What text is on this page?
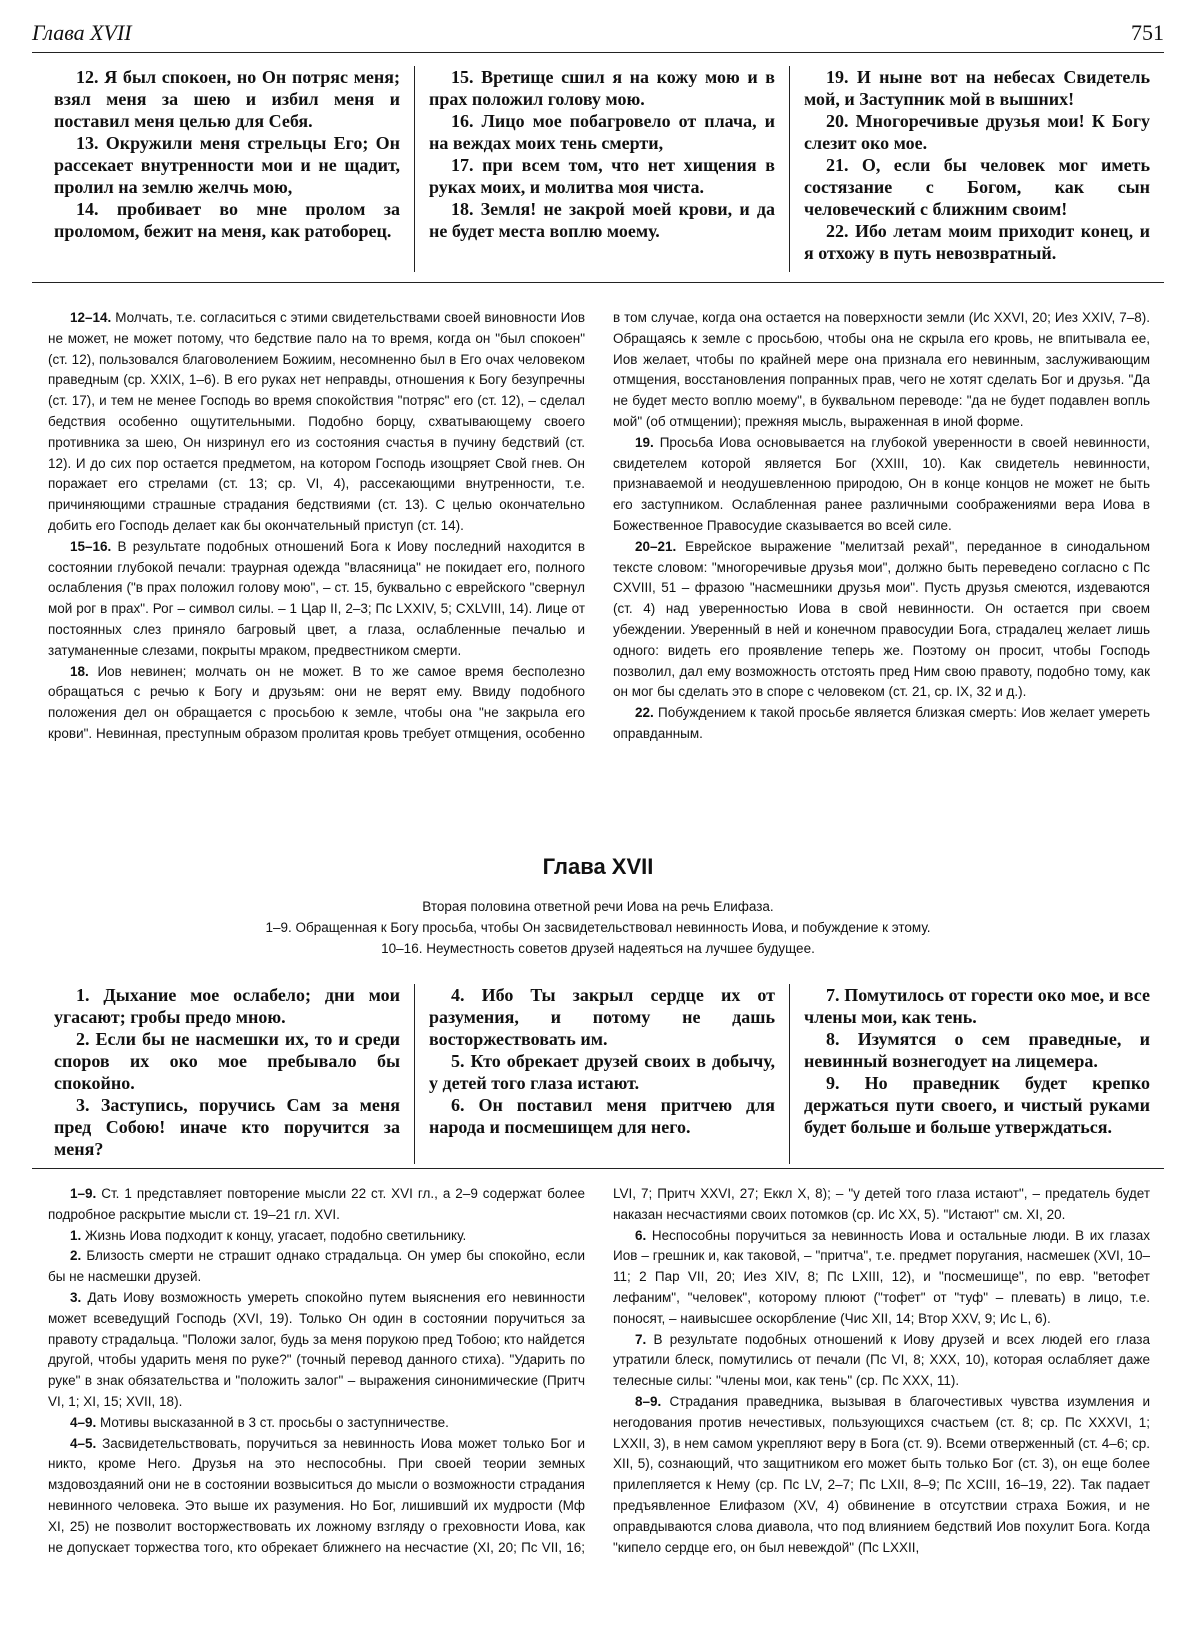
Глава XVII	751

12. Я был спокоен, но Он потряс меня; взял меня за шею и избил меня и поставил меня целью для Себя.

13. Окружили меня стрельцы Его; Он рассекает внутренности мои и не щадит, пролил на землю желчь мою,

14. пробивает во мне пролом за проломом, бежит на меня, как ратоборец.

15. Вретище сшил я на кожу мою и в прах положил голову мою.

16. Лицо мое побагровело от плача, и на веждах моих тень смерти,

17. при всем том, что нет хищения в руках моих, и молитва моя чиста.

18. Земля! не закрой моей крови, и да не будет места воплю моему.

19. И ныне вот на небесах Свидетель мой, и Заступник мой в вышних!

20. Многоречивые друзья мои! К Богу слезит око мое.

21. О, если бы человек мог иметь состязание с Богом, как сын человеческий с ближним своим!

22. Ибо летам моим приходит конец, и я отхожу в путь невозвратный.

12–14. Молчать, т.е. согласиться с этими свидетельствами своей виновности Иов не может, не может потому, что бедствие пало на то время, когда он "был спокоен" (ст. 12), пользовался благоволением Божиим, несомненно был в Его очах человеком праведным (ср. XXIX, 1–6). В его руках нет неправды, отношения к Богу безупречны (ст. 17), и тем не менее Господь во время спокойствия "потряс" его (ст. 12), – сделал бедствия особенно ощутительными. Подобно борцу, схватывающему своего противника за шею, Он низринул его из состояния счастья в пучину бедствий (ст. 12). И до сих пор остается предметом, на котором Господь изощряет Свой гнев. Он поражает его стрелами (ст. 13; ср. VI, 4), рассекающими внутренности, т.е. причиняющими страшные страдания бедствиями (ст. 13). С целью окончательно добить его Господь делает как бы окончательный приступ (ст. 14).

15–16. В результате подобных отношений Бога к Иову последний находится в состоянии глубокой печали: траурная одежда "власяница" не покидает его, полного ослабления ("в прах положил голову мою", – ст. 15, буквально с еврейского "свернул мой рог в прах". Рог – символ силы. – 1 Цар II, 2–3; Пс LXXIV, 5; CXLVIII, 14). Лице от постоянных слез приняло багровый цвет, а глаза, ослабленные печалью и затуманенные слезами, покрыты мраком, предвестником смерти.

18. Иов невинен; молчать он не может. В то же самое время бесполезно обращаться с речью к Богу и друзьям: они не верят ему. Ввиду подобного положения дел он обращается с просьбою к земле, чтобы она "не закрыла его крови". Невинная, преступным образом пролитая кровь требует отмщения, особенно в том случае, когда она остается на поверхности земли (Ис XXVI, 20; Иез XXIV, 7–8). Обращаясь к земле с просьбою, чтобы она не скрыла его кровь, не впитывала ее, Иов желает, чтобы по крайней мере она признала его невинным, заслуживающим отмщения, восстановления попранных прав, чего не хотят сделать Бог и друзья. "Да не будет место воплю моему", в буквальном переводе: "да не будет подавлен вопль мой" (об отмщении); прежняя мысль, выраженная в иной форме.

19. Просьба Иова основывается на глубокой уверенности в своей невинности, свидетелем которой является Бог (XXIII, 10). Как свидетель невинности, признаваемой и неодушевленною природою, Он в конце концов не может не быть его заступником. Ослабленная ранее различными соображениями вера Иова в Божественное Правосудие сказывается во всей силе.

20–21. Еврейское выражение "мелитзай рехай", переданное в синодальном тексте словом: "многоречивые друзья мои", должно быть переведено согласно с Пс CXVIII, 51 – фразою "насмешники друзья мои". Пусть друзья смеются, издеваются (ст. 4) над уверенностью Иова в свой невинности. Он остается при своем убеждении. Уверенный в ней и конечном правосудии Бога, страдалец желает лишь одного: видеть его проявление теперь же. Поэтому он просит, чтобы Господь позволил, дал ему возможность отстоять пред Ним свою правоту, подобно тому, как он мог бы сделать это в споре с человеком (ст. 21, ср. IX, 32 и д.).

22. Побуждением к такой просьбе является близкая смерть: Иов желает умереть оправданным.

Глава XVII
Вторая половина ответной речи Иова на речь Елифаза.
1–9. Обращенная к Богу просьба, чтобы Он засвидетельствовал невинность Иова, и побуждение к этому.
10–16. Неуместность советов друзей надеяться на лучшее будущее.

1. Дыхание мое ослабело; дни мои угасают; гробы предо мною.

2. Если бы не насмешки их, то и среди споров их око мое пребывало бы спокойно.

3. Заступись, поручись Сам за меня пред Собою! иначе кто поручится за меня?

4. Ибо Ты закрыл сердце их от разумения, и потому не дашь восторжествовать им.

5. Кто обрекает друзей своих в добычу, у детей того глаза истают.

6. Он поставил меня притчею для народа и посмешищем для него.

7. Помутилось от горести око мое, и все члены мои, как тень.

8. Изумятся о сем праведные, и невинный вознегодует на лицемера.

9. Но праведник будет крепко держаться пути своего, и чистый руками будет больше и больше утверждаться.

1–9. Ст. 1 представляет повторение мысли 22 ст. XVI гл., а 2–9 содержат более подробное раскрытие мысли ст. 19–21 гл. XVI.

1. Жизнь Иова подходит к концу, угасает, подобно светильнику.

2. Близость смерти не страшит однако страдальца. Он умер бы спокойно, если бы не насмешки друзей.

3. Дать Иову возможность умереть спокойно путем выяснения его невинности может всеведущий Господь (XVI, 19). Только Он один в состоянии поручиться за правоту страдальца. "Положи залог, будь за меня порукою пред Тобою; кто найдется другой, чтобы ударить меня по руке?" (точный перевод данного стиха). "Ударить по руке" в знак обязательства и "положить залог" – выражения синонимические (Притч VI, 1; XI, 15; XVII, 18).

4–9. Мотивы высказанной в 3 ст. просьбы о заступничестве.

4–5. Засвидетельствовать, поручиться за невинность Иова может только Бог и никто, кроме Него. Друзья на это неспособны. При своей теории земных мздовоздаяний они не в состоянии возвыситься до мысли о возможности страдания невинного человека. Это выше их разумения. Но Бог, лишивший их мудрости (Мф XI, 25) не позволит восторжествовать их ложному взгляду о греховности Иова, как не допускает торжества того, кто обрекает ближнего на несчастие (XI, 20; Пс VII, 16; LVI, 7; Притч XXVI, 27; Еккл X, 8); – "у детей того глаза истают", – предатель будет наказан несчастиями своих потомков (ср. Ис XX, 5). "Истают" см. XI, 20.

6. Неспособны поручиться за невинность Иова и остальные люди. В их глазах Иов – грешник и, как таковой, – "притча", т.е. предмет поругания, насмешек (XVI, 10–11; 2 Пар VII, 20; Иез XIV, 8; Пс LXIII, 12), и "посмешище", по евр. "ветофет лефаним", "человек", которому плюют ("тофет" от "туф" – плевать) в лицо, т.е. поносят, – наивысшее оскорбление (Чис XII, 14; Втор XXV, 9; Ис L, 6).

7. В результате подобных отношений к Иову друзей и всех людей его глаза утратили блеск, помутились от печали (Пс VI, 8; XXX, 10), которая ослабляет даже телесные силы: "члены мои, как тень" (ср. Пс XXX, 11).

8–9. Страдания праведника, вызывая в благочестивых чувства изумления и негодования против нечестивых, пользующихся счастьем (ст. 8; ср. Пс XXXVI, 1; LXXII, 3), в нем самом укрепляют веру в Бога (ст. 9). Всеми отверженный (ст. 4–6; ср. XII, 5), сознающий, что защитником его может быть только Бог (ст. 3), он еще более прилепляется к Нему (ср. Пс LV, 2–7; Пс LXII, 8–9; Пс XCIII, 16–19, 22). Так падает предъявленное Елифазом (XV, 4) обвинение в отсутствии страха Божия, и не оправдываются слова диавола, что под влиянием бедствий Иов похулит Бога. Когда "кипело сердце его, он был невеждой" (Пс LXXII,
